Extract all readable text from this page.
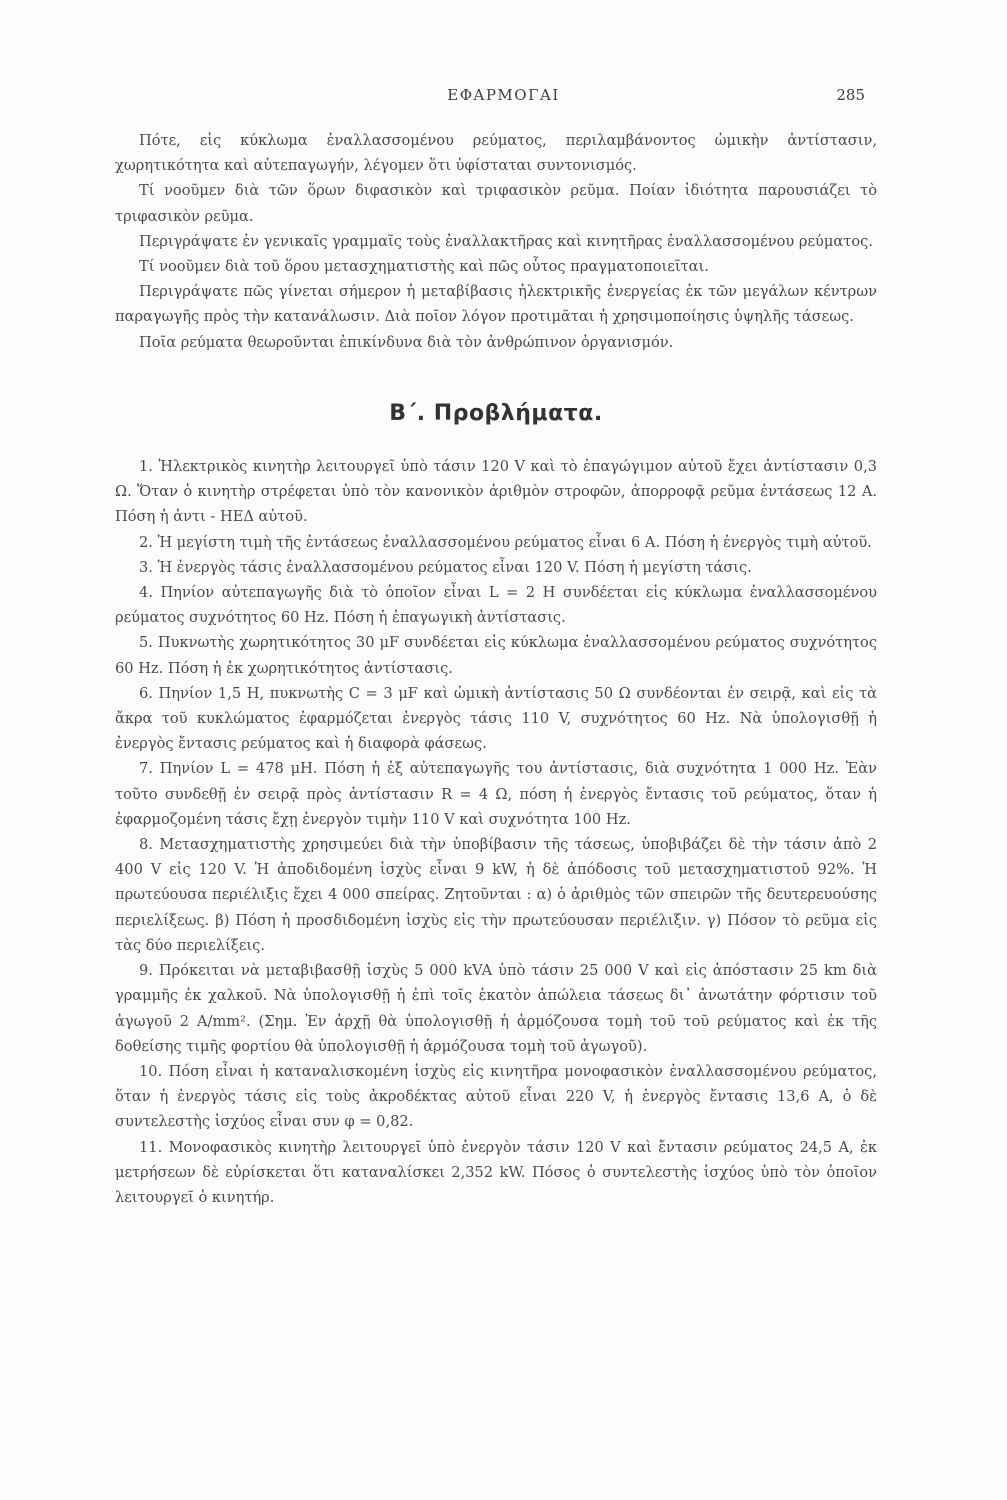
ΕΦΑΡΜΟΓΑΙ	285

Πότε, εἰς κύκλωμα ἐναλλασσομένου ρεύματος, περιλαμβάνοντος ὠμικὴν ἀντίστασιν, χωρητικότητα καὶ αὐτεπαγωγήν, λέγομεν ὅτι ὑφίσταται συντονισμός.

Τί νοοῦμεν διὰ τῶν ὅρων διφασικὸν καὶ τριφασικὸν ρεῦμα. Ποίαν ἰδιότητα παρουσιάζει τὸ τριφασικὸν ρεῦμα.

Περιγράψατε ἐν γενικαῖς γραμμαῖς τοὺς ἐναλλακτῆρας καὶ κινητῆρας ἐναλλασσομένου ρεύματος.

Τί νοοῦμεν διὰ τοῦ ὅρου μετασχηματιστὴς καὶ πῶς οὗτος πραγματοποιεῖται.

Περιγράψατε πῶς γίνεται σήμερον ἡ μεταβίβασις ἠλεκτρικῆς ἐνεργείας ἐκ τῶν μεγάλων κέντρων παραγωγῆς πρὸς τὴν κατανάλωσιν. Διὰ ποῖον λόγον προτιμᾶται ἡ χρησιμοποίησις ὑψηλῆς τάσεως.

Ποῖα ρεύματα θεωροῦνται ἐπικίνδυνα διὰ τὸν ἀνθρώπινον ὀργανισμόν.

Β΄. Προβλήματα.

1. Ἠλεκτρικὸς κινητὴρ λειτουργεῖ ὑπὸ τάσιν 120 V καὶ τὸ ἐπαγώγιμον αὐτοῦ ἔχει ἀντίστασιν 0,3 Ω. Ὅταν ὁ κινητὴρ στρέφεται ὑπὸ τὸν κανονικὸν ἀριθμὸν στροφῶν, ἀπορροφᾷ ρεῦμα ἐντάσεως 12 A. Πόση ἡ ἀντι - ΗΕΔ αὐτοῦ.

2. Ἡ μεγίστη τιμὴ τῆς ἐντάσεως ἐναλλασσομένου ρεύματος εἶναι 6 A. Πόση ἡ ἐνεργὸς τιμὴ αὐτοῦ.

3. Ἡ ἐνεργὸς τάσις ἐναλλασσομένου ρεύματος εἶναι 120 V. Πόση ἡ μεγίστη τάσις.

4. Πηνίον αὐτεπαγωγῆς διὰ τὸ ὁποῖον εἶναι L = 2 H συνδέεται εἰς κύκλωμα ἐναλλασσομένου ρεύματος συχνότητος 60 Hz. Πόση ἡ ἐπαγωγικὴ ἀντίστασις.

5. Πυκνωτὴς χωρητικότητος 30 μF συνδέεται εἰς κύκλωμα ἐναλλασσομένου ρεύματος συχνότητος 60 Hz. Πόση ἡ ἐκ χωρητικότητος ἀντίστασις.

6. Πηνίον 1,5 H, πυκνωτὴς C = 3 μF καὶ ὠμικὴ ἀντίστασις 50 Ω συνδέονται ἐν σειρᾷ, καὶ εἰς τὰ ἄκρα τοῦ κυκλώματος ἐφαρμόζεται ἐνεργὸς τάσις 110 V, συχνότητος 60 Hz. Νὰ ὑπολογισθῇ ἡ ἐνεργὸς ἔντασις ρεύματος καὶ ἡ διαφορὰ φάσεως.

7. Πηνίον L = 478 μH. Πόση ἡ ἐξ αὐτεπαγωγῆς του ἀντίστασις, διὰ συχνότητα 1 000 Hz. Ἐὰν τοῦτο συνδεθῇ ἐν σειρᾷ πρὸς ἀντίστασιν R = 4 Ω, πόση ἡ ἐνεργὸς ἔντασις τοῦ ρεύματος, ὅταν ἡ ἐφαρμοζομένη τάσις ἔχῃ ἐνεργὸν τιμὴν 110 V καὶ συχνότητα 100 Hz.

8. Μετασχηματιστὴς χρησιμεύει διὰ τὴν ὑποβίβασιν τῆς τάσεως, ὑποβιβάζει δὲ τὴν τάσιν ἀπὸ 2 400 V εἰς 120 V. Ἡ ἀποδιδομένη ἰσχὺς εἶναι 9 kW, ἡ δὲ ἀπόδοσις τοῦ μετασχηματιστοῦ 92%. Ἡ πρωτεύουσα περιέλιξις ἔχει 4 000 σπείρας. Ζητοῦνται : α) ὁ ἀριθμὸς τῶν σπειρῶν τῆς δευτερευούσης περιελίξεως. β) Πόση ἡ προσδιδομένη ἰσχὺς εἰς τὴν πρωτεύουσαν περιέλιξιν. γ) Πόσον τὸ ρεῦμα εἰς τὰς δύο περιελίξεις.

9. Πρόκειται νὰ μεταβιβασθῇ ἰσχὺς 5 000 kVA ὑπὸ τάσιν 25 000 V καὶ εἰς ἀπόστασιν 25 km διὰ γραμμῆς ἐκ χαλκοῦ. Νὰ ὑπολογισθῇ ἡ ἐπὶ τοῖς ἑκατὸν ἀπώλεια τάσεως δι᾽ ἀνωτάτην φόρτισιν τοῦ ἀγωγοῦ 2 A/mm². (Σημ. Ἐν ἀρχῇ θὰ ὑπολογισθῇ ἡ ἁρμόζουσα τομὴ τοῦ τοῦ ρεύματος καὶ ἐκ τῆς δοθείσης τιμῆς φορτίου θὰ ὑπολογισθῇ ἡ ἁρμόζουσα τομὴ τοῦ ἀγωγοῦ).

10. Πόση εἶναι ἡ καταναλισκομένη ἰσχὺς εἰς κινητῆρα μονοφασικὸν ἐναλλασσομένου ρεύματος, ὅταν ἡ ἐνεργὸς τάσις εἰς τοὺς ἀκροδέκτας αὐτοῦ εἶναι 220 V, ἡ ἐνεργὸς ἔντασις 13,6 A, ὁ δὲ συντελεστὴς ἰσχύος εἶναι συν φ = 0,82.

11. Μονοφασικὸς κινητὴρ λειτουργεῖ ὑπὸ ἐνεργὸν τάσιν 120 V καὶ ἔντασιν ρεύματος 24,5 A, ἐκ μετρήσεων δὲ εὑρίσκεται ὅτι καταναλίσκει 2,352 kW. Πόσος ὁ συντελεστὴς ἰσχύος ὑπὸ τὸν ὁποῖον λειτουργεῖ ὁ κινητήρ.
